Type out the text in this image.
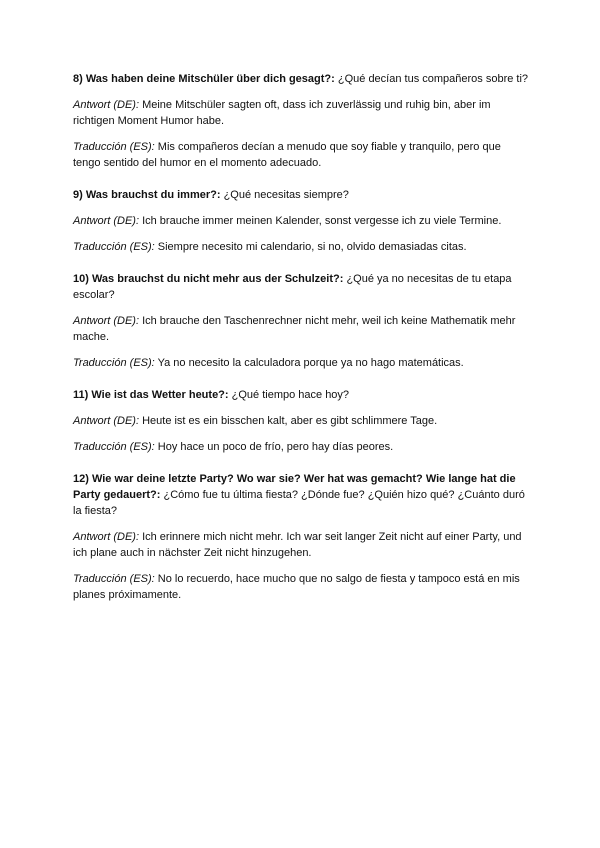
8) Was haben deine Mitschüler über dich gesagt?: ¿Qué decían tus compañeros sobre ti?

Antwort (DE): Meine Mitschüler sagten oft, dass ich zuverlässig und ruhig bin, aber im richtigen Moment Humor habe.

Traducción (ES): Mis compañeros decían a menudo que soy fiable y tranquilo, pero que tengo sentido del humor en el momento adecuado.

9) Was brauchst du immer?: ¿Qué necesitas siempre?

Antwort (DE): Ich brauche immer meinen Kalender, sonst vergesse ich zu viele Termine.

Traducción (ES): Siempre necesito mi calendario, si no, olvido demasiadas citas.

10) Was brauchst du nicht mehr aus der Schulzeit?: ¿Qué ya no necesitas de tu etapa escolar?

Antwort (DE): Ich brauche den Taschenrechner nicht mehr, weil ich keine Mathematik mehr mache.

Traducción (ES): Ya no necesito la calculadora porque ya no hago matemáticas.

11) Wie ist das Wetter heute?: ¿Qué tiempo hace hoy?

Antwort (DE): Heute ist es ein bisschen kalt, aber es gibt schlimmere Tage.

Traducción (ES): Hoy hace un poco de frío, pero hay días peores.

12) Wie war deine letzte Party? Wo war sie? Wer hat was gemacht? Wie lange hat die Party gedauert?: ¿Cómo fue tu última fiesta? ¿Dónde fue? ¿Quién hizo qué? ¿Cuánto duró la fiesta?

Antwort (DE): Ich erinnere mich nicht mehr. Ich war seit langer Zeit nicht auf einer Party, und ich plane auch in nächster Zeit nicht hinzugehen.

Traducción (ES): No lo recuerdo, hace mucho que no salgo de fiesta y tampoco está en mis planes próximamente.
